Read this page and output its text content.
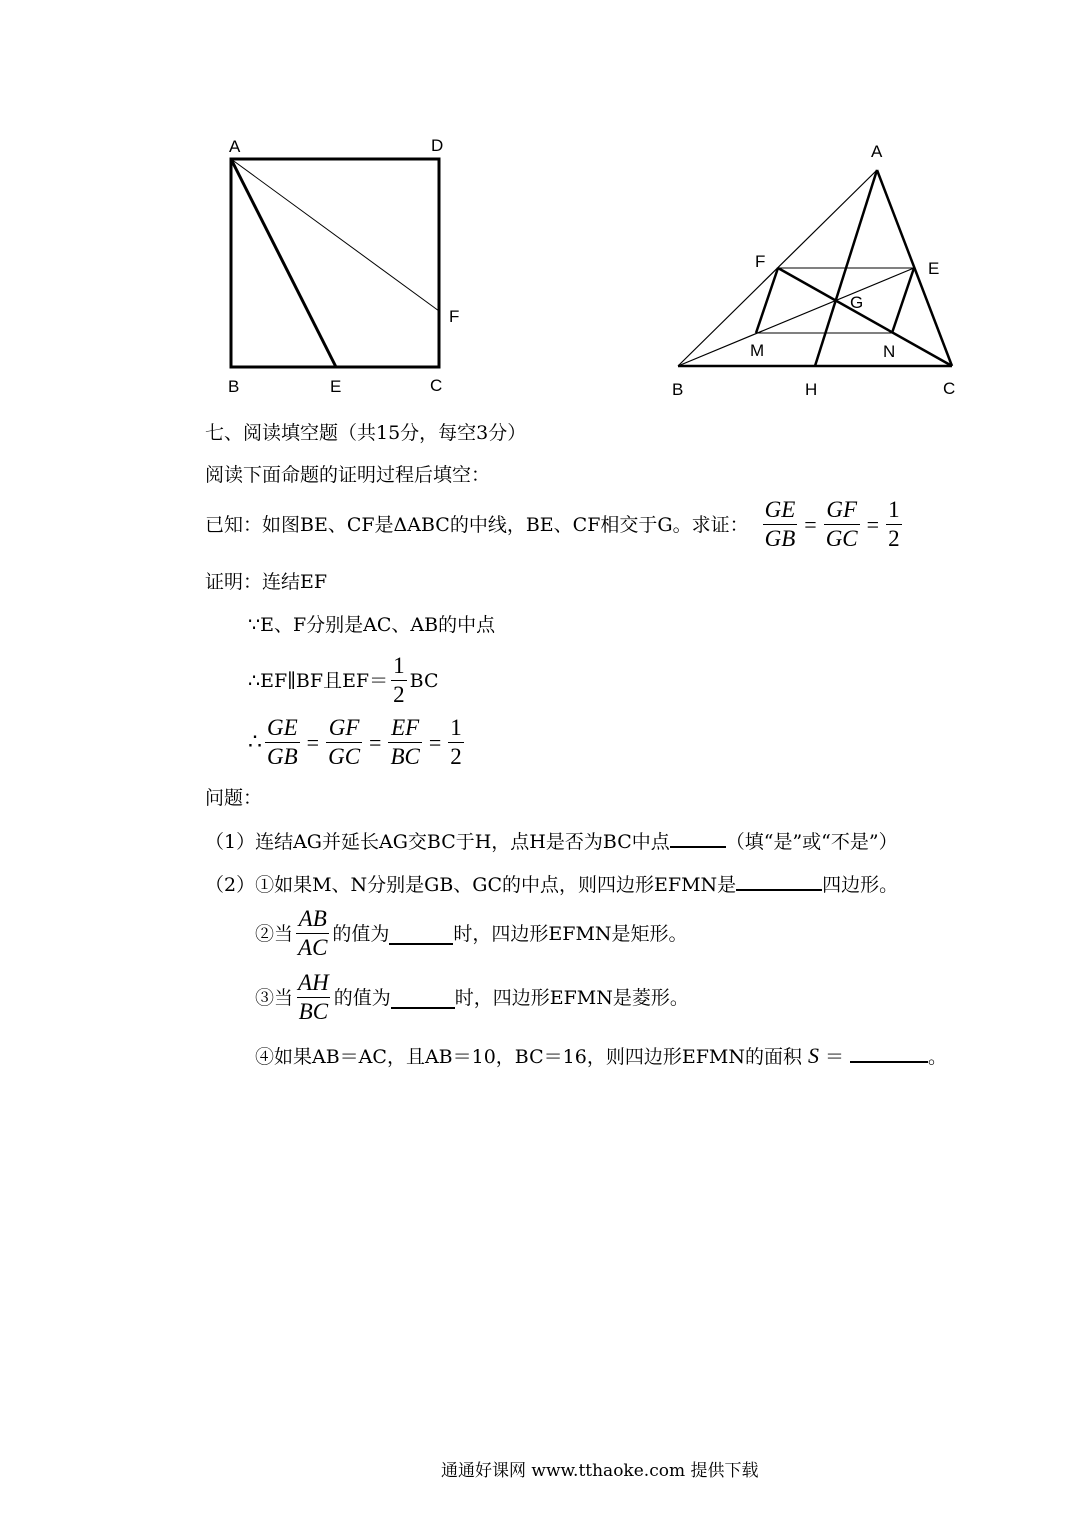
A	D
B	E	C
F
A
F	E
G
M	N
B	H	C
七、阅读填空题（共15分，每空3分）
阅读下面命题的证明过程后填空：
已知：如图BE、CF是ΔABC的中线，BE、CF相交于G。求证： $\frac{GE}{GB} = \frac{GF}{GC} = \frac{1}{2}$
证明：连结EF
∵E、F分别是AC、AB的中点
∴EF∥BF且EF＝
1
2
BC
∴ $\frac{GE}{GB} = \frac{GF}{GC} = \frac{EF}{BC} = \frac{1}{2}$
问题：
（1）连结AG并延长AG交BC于H，点H是否为BC中点	（填“是”或“不是”）
（2）①如果M、N分别是GB、GC的中点，则四边形EFMN是	四边形。
②当
AB
AC
的值为	时，四边形EFMN是矩形。
③当
AH
BC
的值为	时，四边形EFMN是菱形。
④如果AB＝AC，且AB＝10，BC＝16，则四边形EFMN的面积 S ＝	。
通通好课网 www.tthaoke.com 提供下载
